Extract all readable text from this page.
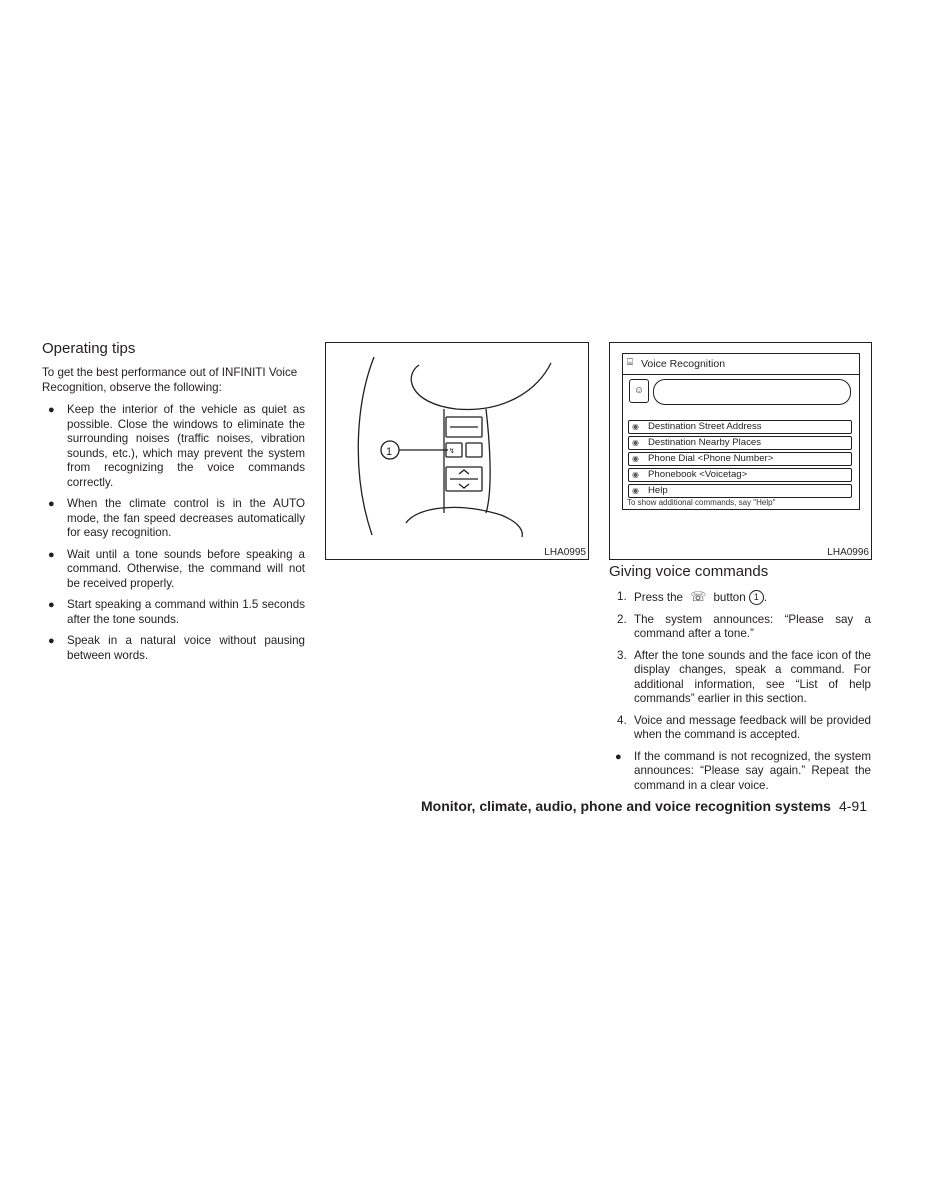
Operating tips

To get the best performance out of INFINITI Voice Recognition, observe the following:

● Keep the interior of the vehicle as quiet as possible. Close the windows to eliminate the surrounding noises (traffic noises, vibration sounds, etc.), which may prevent the system from recognizing the voice commands correctly.
● When the climate control is in the AUTO mode, the fan speed decreases automatically for easy recognition.
● Wait until a tone sounds before speaking a command. Otherwise, the command will not be received properly.
● Start speaking a command within 1.5 seconds after the tone sounds.
● Speak in a natural voice without pausing between words.
1	↯
LHA0995
⌸ Voice Recognition
☺
◉ Destination Street Address
◉ Destination Nearby Places
◉ Phone Dial <Phone Number>
◉ Phonebook <Voicetag>
◉ Help
To show additional commands, say "Help"
LHA0996
Giving voice commands
1. Press the ☏ button 1 .
2. The system announces: “Please say a command after a tone.”
3. After the tone sounds and the face icon of the display changes, speak a command. For additional information, see “List of help commands” earlier in this section.
4. Voice and message feedback will be provided when the command is accepted.
● If the command is not recognized, the system announces: “Please say again.” Repeat the command in a clear voice.
Monitor, climate, audio, phone and voice recognition systems 4-91
